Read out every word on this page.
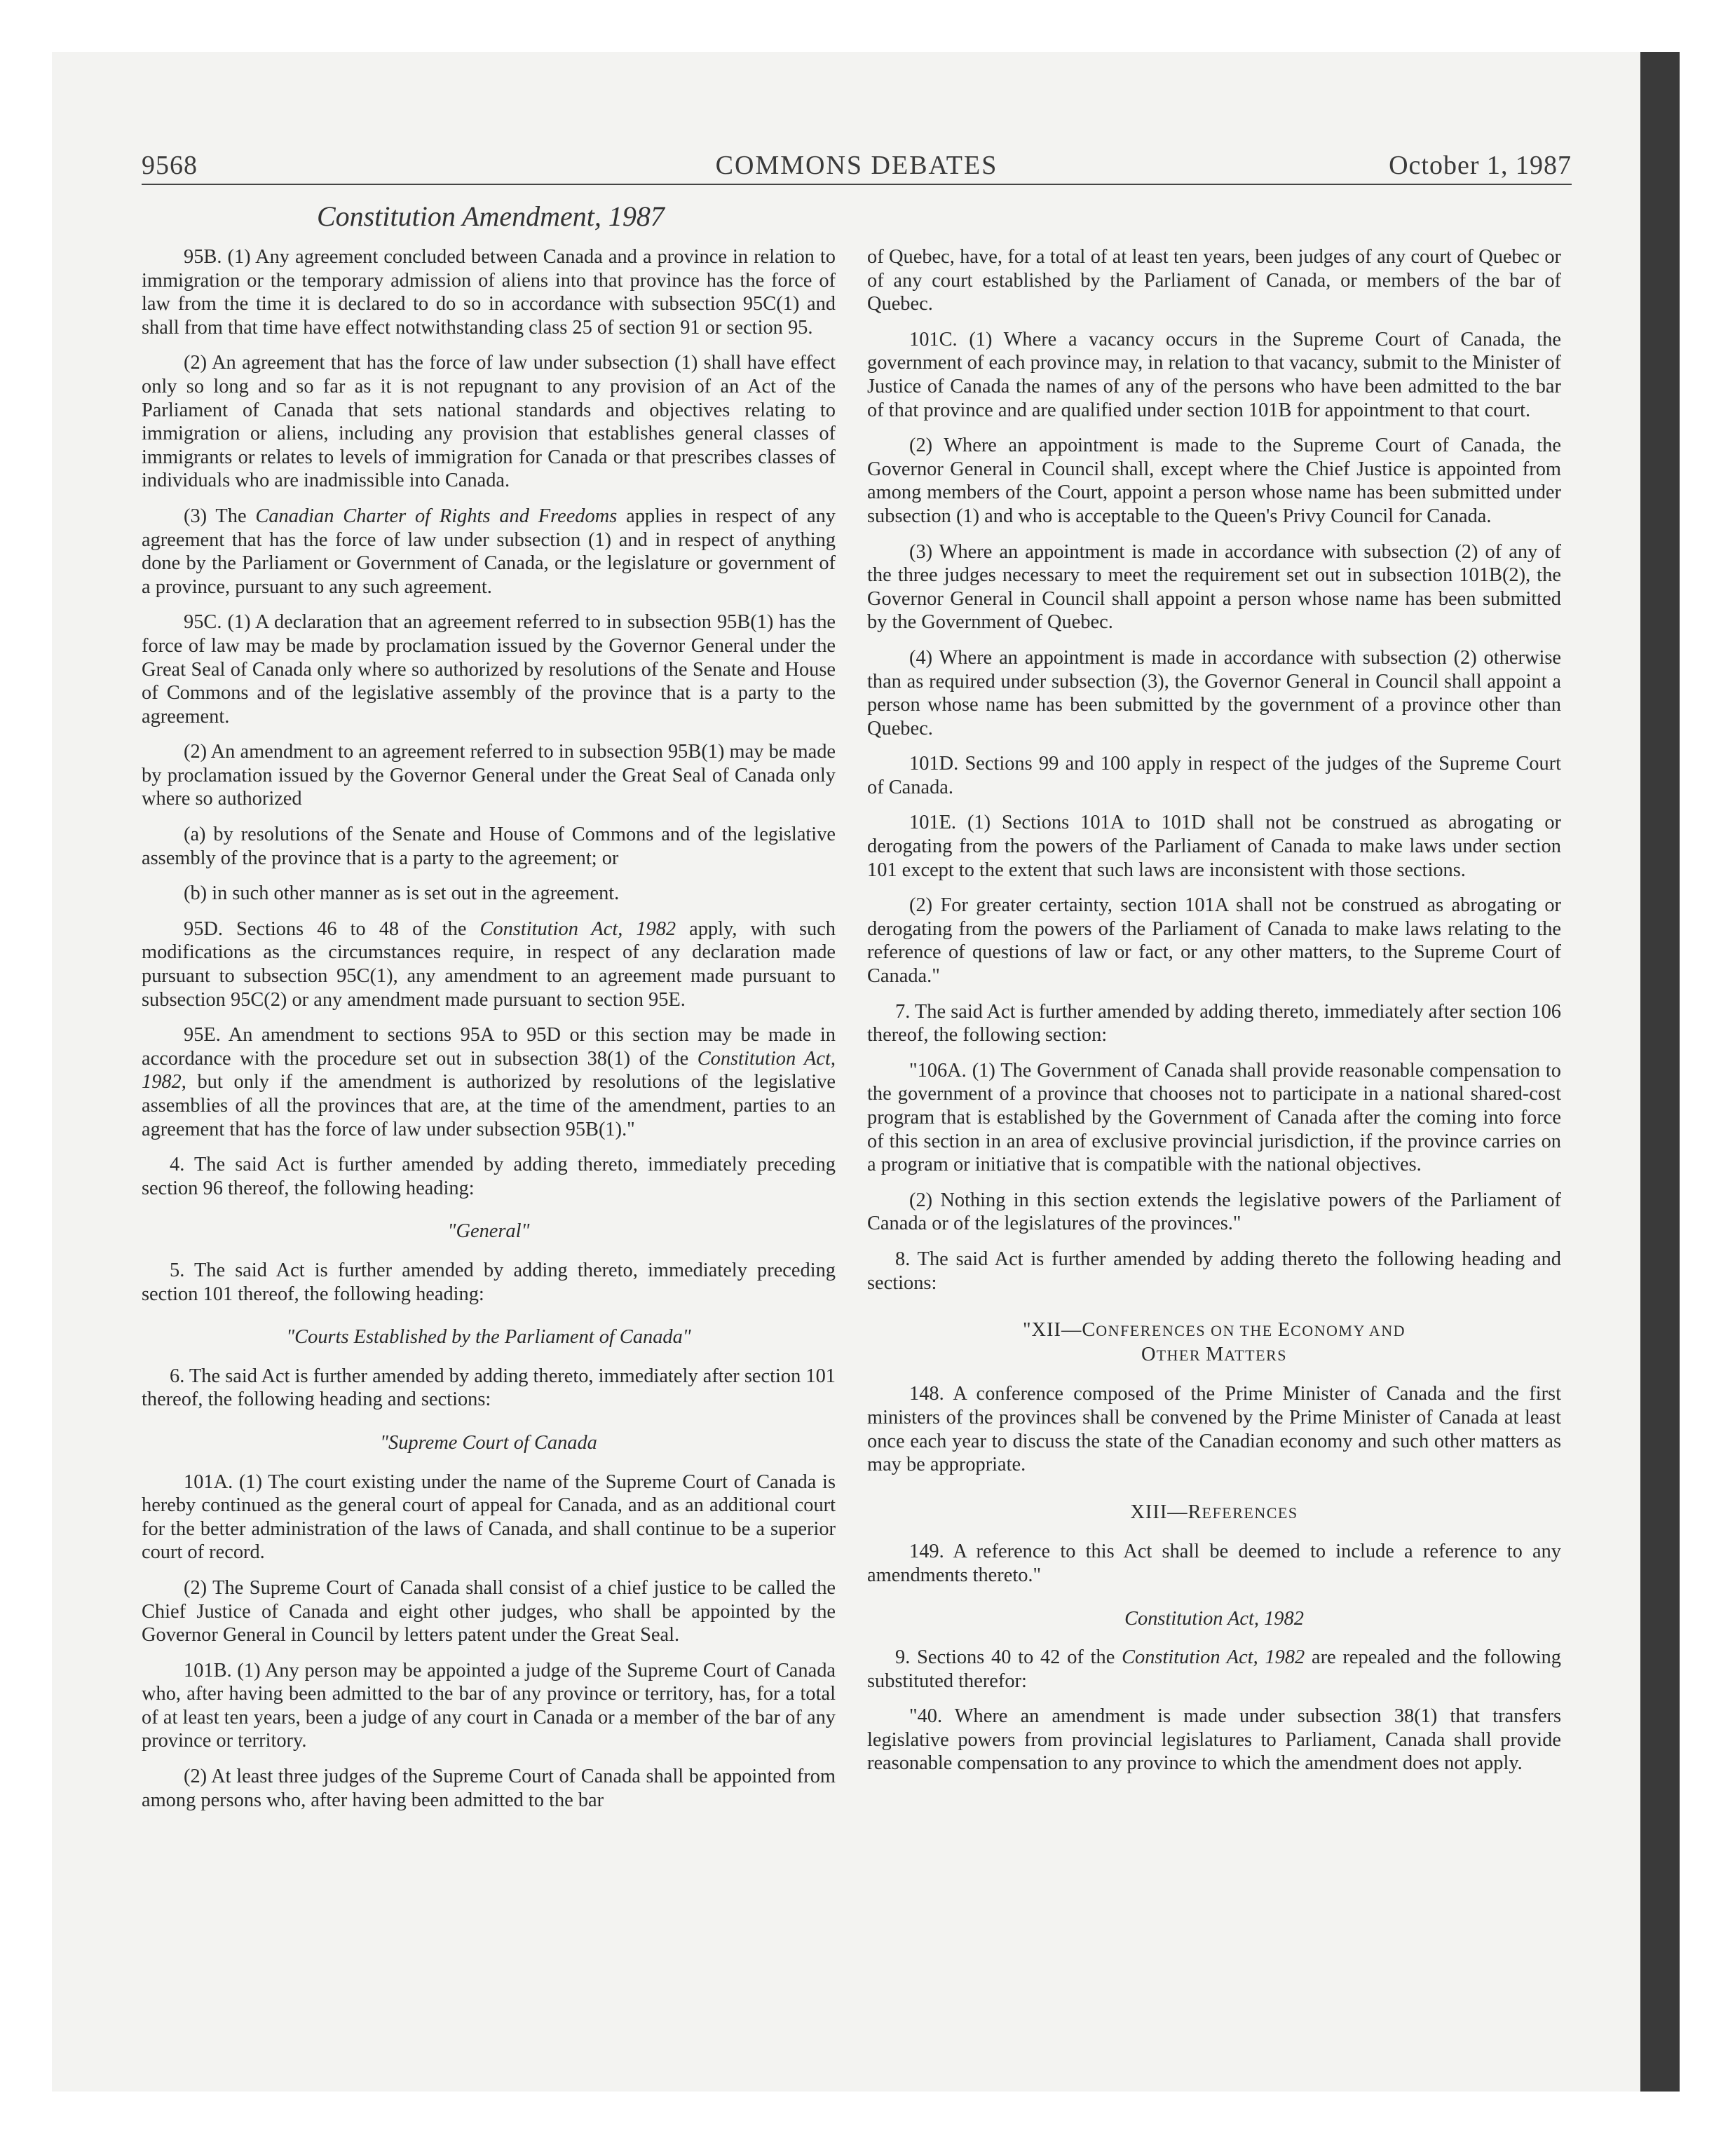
9568	COMMONS DEBATES	October 1, 1987
Constitution Amendment, 1987

95B. (1) Any agreement concluded between Canada and a province in relation to immigration or the temporary admission of aliens into that province has the force of law from the time it is declared to do so in accordance with subsection 95C(1) and shall from that time have effect notwithstanding class 25 of section 91 or section 95.

(2) An agreement that has the force of law under subsection (1) shall have effect only so long and so far as it is not repugnant to any provision of an Act of the Parliament of Canada that sets national standards and objectives relating to immigration or aliens, including any provision that establishes general classes of immigrants or relates to levels of immigration for Canada or that prescribes classes of individuals who are inadmissible into Canada.

(3) The Canadian Charter of Rights and Freedoms applies in respect of any agreement that has the force of law under subsection (1) and in respect of anything done by the Parliament or Government of Canada, or the legislature or government of a province, pursuant to any such agreement.

95C. (1) A declaration that an agreement referred to in subsection 95B(1) has the force of law may be made by proclamation issued by the Governor General under the Great Seal of Canada only where so authorized by resolutions of the Senate and House of Commons and of the legislative assembly of the province that is a party to the agreement.

(2) An amendment to an agreement referred to in subsection 95B(1) may be made by proclamation issued by the Governor General under the Great Seal of Canada only where so authorized

(a) by resolutions of the Senate and House of Commons and of the legislative assembly of the province that is a party to the agreement; or

(b) in such other manner as is set out in the agreement.

95D. Sections 46 to 48 of the Constitution Act, 1982 apply, with such modifications as the circumstances require, in respect of any declaration made pursuant to subsection 95C(1), any amendment to an agreement made pursuant to subsection 95C(2) or any amendment made pursuant to section 95E.

95E. An amendment to sections 95A to 95D or this section may be made in accordance with the procedure set out in subsection 38(1) of the Constitution Act, 1982, but only if the amendment is authorized by resolutions of the legislative assemblies of all the provinces that are, at the time of the amendment, parties to an agreement that has the force of law under subsection 95B(1)."

4. The said Act is further amended by adding thereto, immediately preceding section 96 thereof, the following heading:

"General"

5. The said Act is further amended by adding thereto, immediately preceding section 101 thereof, the following heading:

"Courts Established by the Parliament of Canada"

6. The said Act is further amended by adding thereto, immediately after section 101 thereof, the following heading and sections:

"Supreme Court of Canada

101A. (1) The court existing under the name of the Supreme Court of Canada is hereby continued as the general court of appeal for Canada, and as an additional court for the better administration of the laws of Canada, and shall continue to be a superior court of record.

(2) The Supreme Court of Canada shall consist of a chief justice to be called the Chief Justice of Canada and eight other judges, who shall be appointed by the Governor General in Council by letters patent under the Great Seal.

101B. (1) Any person may be appointed a judge of the Supreme Court of Canada who, after having been admitted to the bar of any province or territory, has, for a total of at least ten years, been a judge of any court in Canada or a member of the bar of any province or territory.

(2) At least three judges of the Supreme Court of Canada shall be appointed from among persons who, after having been admitted to the bar

of Quebec, have, for a total of at least ten years, been judges of any court of Quebec or of any court established by the Parliament of Canada, or members of the bar of Quebec.

101C. (1) Where a vacancy occurs in the Supreme Court of Canada, the government of each province may, in relation to that vacancy, submit to the Minister of Justice of Canada the names of any of the persons who have been admitted to the bar of that province and are qualified under section 101B for appointment to that court.

(2) Where an appointment is made to the Supreme Court of Canada, the Governor General in Council shall, except where the Chief Justice is appointed from among members of the Court, appoint a person whose name has been submitted under subsection (1) and who is acceptable to the Queen's Privy Council for Canada.

(3) Where an appointment is made in accordance with subsection (2) of any of the three judges necessary to meet the requirement set out in subsection 101B(2), the Governor General in Council shall appoint a person whose name has been submitted by the Government of Quebec.

(4) Where an appointment is made in accordance with subsection (2) otherwise than as required under subsection (3), the Governor General in Council shall appoint a person whose name has been submitted by the government of a province other than Quebec.

101D. Sections 99 and 100 apply in respect of the judges of the Supreme Court of Canada.

101E. (1) Sections 101A to 101D shall not be construed as abrogating or derogating from the powers of the Parliament of Canada to make laws under section 101 except to the extent that such laws are inconsistent with those sections.

(2) For greater certainty, section 101A shall not be construed as abrogating or derogating from the powers of the Parliament of Canada to make laws relating to the reference of questions of law or fact, or any other matters, to the Supreme Court of Canada."

7. The said Act is further amended by adding thereto, immediately after section 106 thereof, the following section:

"106A. (1) The Government of Canada shall provide reasonable compensation to the government of a province that chooses not to participate in a national shared-cost program that is established by the Government of Canada after the coming into force of this section in an area of exclusive provincial jurisdiction, if the province carries on a program or initiative that is compatible with the national objectives.

(2) Nothing in this section extends the legislative powers of the Parliament of Canada or of the legislatures of the provinces."

8. The said Act is further amended by adding thereto the following heading and sections:

"XII—CONFERENCES ON THE ECONOMY AND
OTHER MATTERS

148. A conference composed of the Prime Minister of Canada and the first ministers of the provinces shall be convened by the Prime Minister of Canada at least once each year to discuss the state of the Canadian economy and such other matters as may be appropriate.

XIII—REFERENCES

149. A reference to this Act shall be deemed to include a reference to any amendments thereto."

Constitution Act, 1982

9. Sections 40 to 42 of the Constitution Act, 1982 are repealed and the following substituted therefor:

"40. Where an amendment is made under subsection 38(1) that transfers legislative powers from provincial legislatures to Parliament, Canada shall provide reasonable compensation to any province to which the amendment does not apply.
